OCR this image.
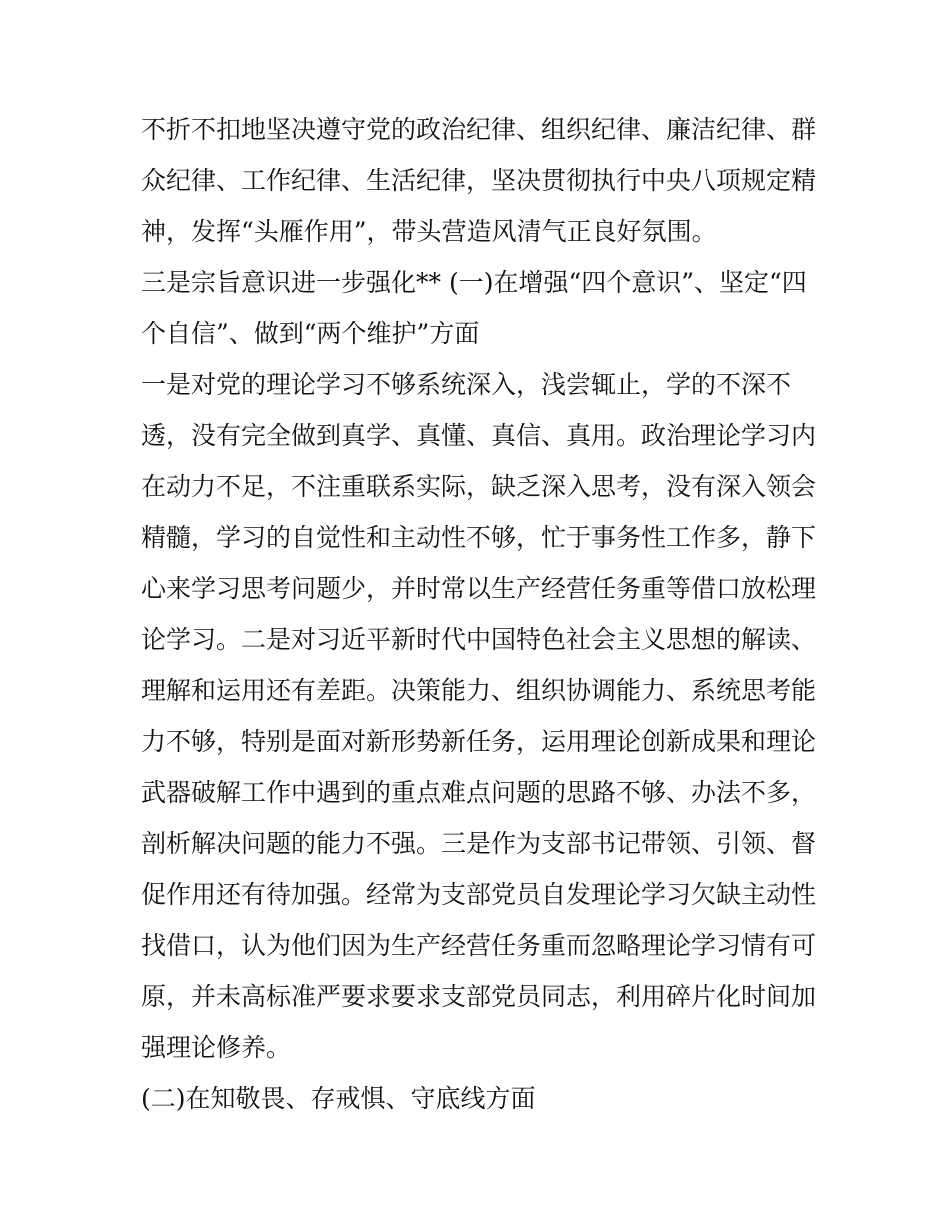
不折不扣地坚决遵守党的政治纪律、组织纪律、廉洁纪律、群
众纪律、工作纪律、生活纪律，坚决贯彻执行中央八项规定精
神，发挥“头雁作用”，带头营造风清气正良好氛围。

三是宗旨意识进一步强化** (一)在增强“四个意识”、坚定“四
个自信”、做到“两个维护”方面

一是对党的理论学习不够系统深入，浅尝辄止，学的不深不
透，没有完全做到真学、真懂、真信、真用。政治理论学习内
在动力不足，不注重联系实际，缺乏深入思考，没有深入领会
精髓，学习的自觉性和主动性不够，忙于事务性工作多，静下
心来学习思考问题少，并时常以生产经营任务重等借口放松理
论学习。二是对习近平新时代中国特色社会主义思想的解读、
理解和运用还有差距。决策能力、组织协调能力、系统思考能
力不够，特别是面对新形势新任务，运用理论创新成果和理论
武器破解工作中遇到的重点难点问题的思路不够、办法不多，
剖析解决问题的能力不强。三是作为支部书记带领、引领、督
促作用还有待加强。经常为支部党员自发理论学习欠缺主动性
找借口，认为他们因为生产经营任务重而忽略理论学习情有可
原，并未高标准严要求要求支部党员同志，利用碎片化时间加
强理论修养。

(二)在知敬畏、存戒惧、守底线方面
